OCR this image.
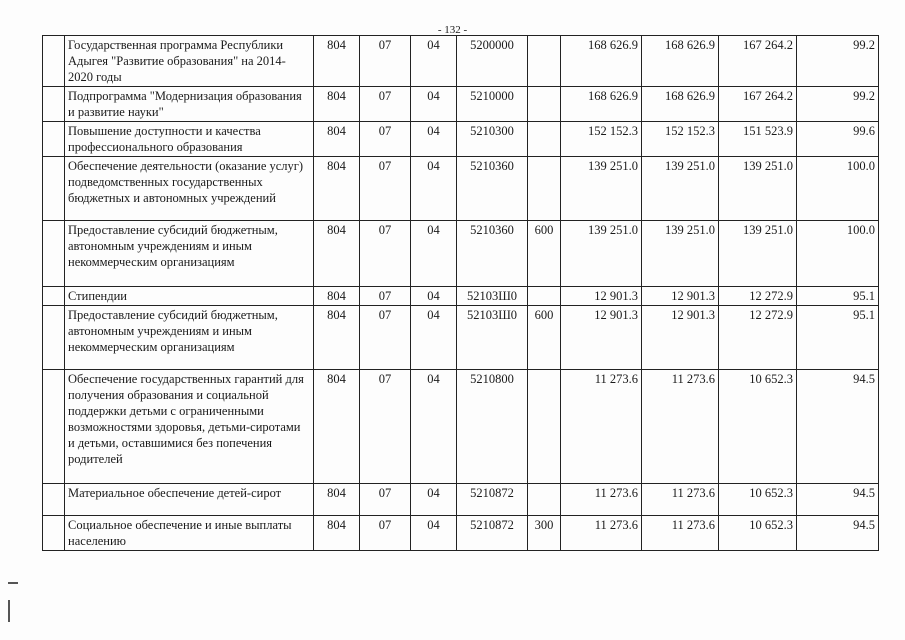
- 132 -
	Государственная программа Республики Адыгея "Развитие образования" на 2014-2020 годы	804	07	04	5200000		168 626.9	168 626.9	167 264.2	99.2
	Подпрограмма "Модернизация образования и развитие науки"	804	07	04	5210000		168 626.9	168 626.9	167 264.2	99.2
	Повышение доступности и качества профессионального образования	804	07	04	5210300		152 152.3	152 152.3	151 523.9	99.6
	Обеспечение деятельности (оказание услуг) подведомственных государственных бюджетных и автономных учреждений	804	07	04	5210360		139 251.0	139 251.0	139 251.0	100.0
	Предоставление субсидий бюджетным, автономным учреждениям и иным некоммерческим организациям	804	07	04	5210360	600	139 251.0	139 251.0	139 251.0	100.0
	Стипендии	804	07	04	52103Ш0		12 901.3	12 901.3	12 272.9	95.1
	Предоставление субсидий бюджетным, автономным учреждениям и иным некоммерческим организациям	804	07	04	52103Ш0	600	12 901.3	12 901.3	12 272.9	95.1
	Обеспечение государственных гарантий для получения образования и социальной поддержки детьми с ограниченными возможностями здоровья, детьми-сиротами и детьми, оставшимися без попечения родителей	804	07	04	5210800		11 273.6	11 273.6	10 652.3	94.5
	Материальное обеспечение детей-сирот	804	07	04	5210872		11 273.6	11 273.6	10 652.3	94.5
	Социальное обеспечение и иные выплаты населению	804	07	04	5210872	300	11 273.6	11 273.6	10 652.3	94.5
